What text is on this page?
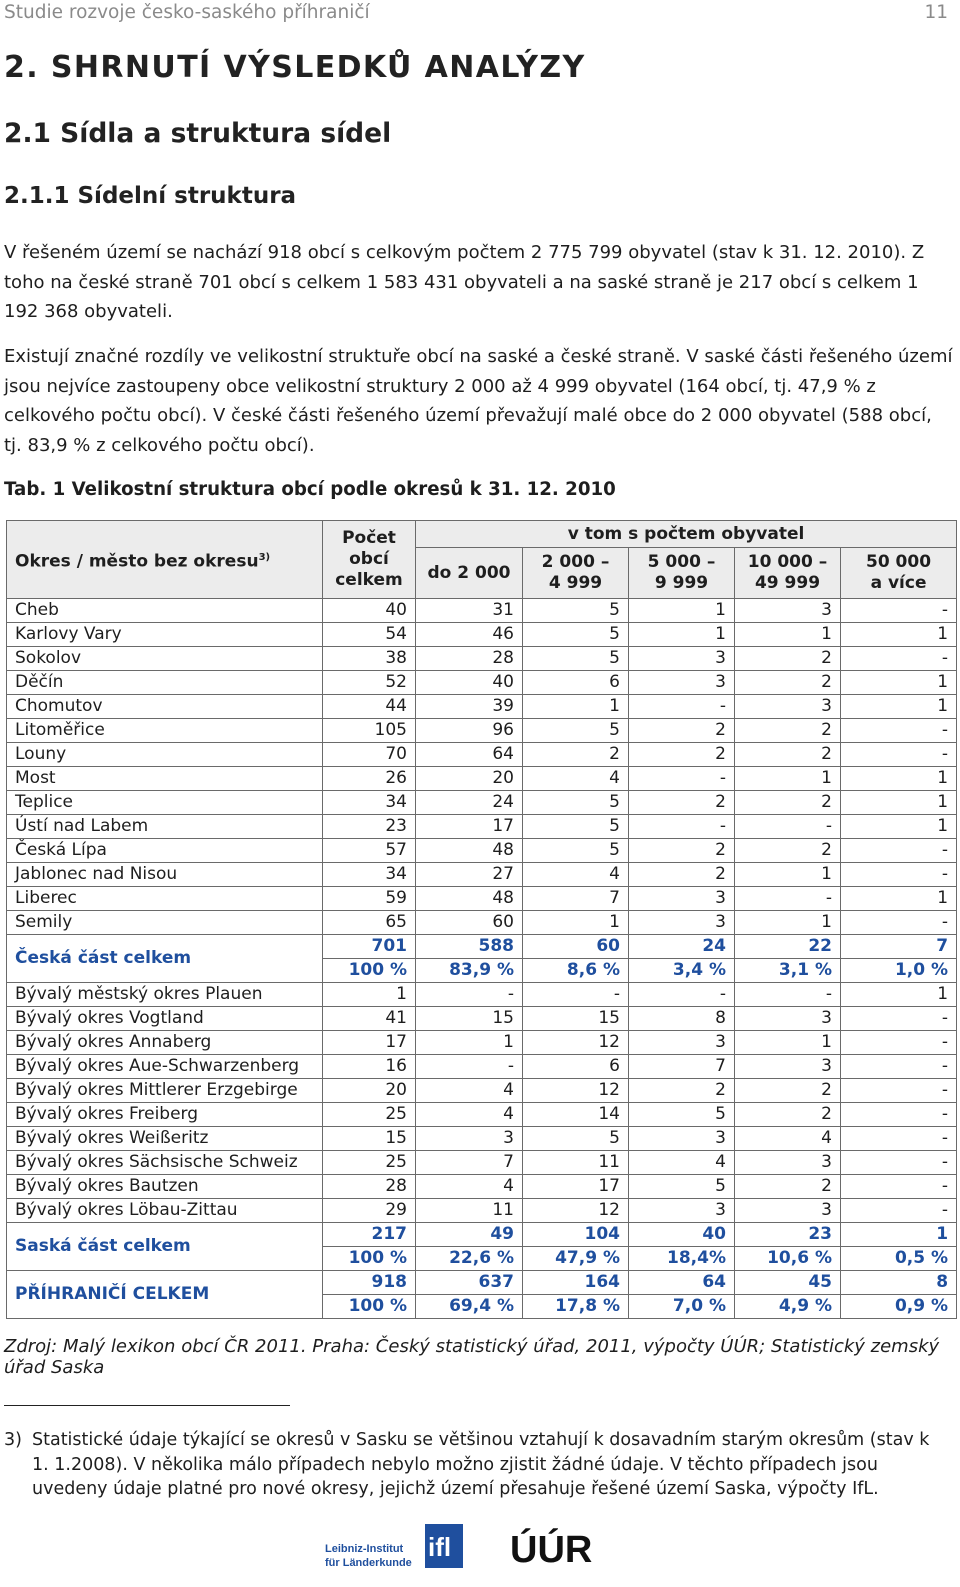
Studie rozvoje česko-saského příhraničí	11
2. SHRNUTÍ VÝSLEDKŮ ANALÝZY
2.1 Sídla a struktura sídel
2.1.1 Sídelní struktura

V řešeném území se nachází 918 obcí s celkovým počtem 2 775 799 obyvatel (stav k 31. 12. 2010). Z toho na české straně 701 obcí s celkem 1 583 431 obyvateli a na saské straně je 217 obcí s celkem 1 192 368 obyvateli.

Existují značné rozdíly ve velikostní struktuře obcí na saské a české straně. V saské části řešeného území jsou nejvíce zastoupeny obce velikostní struktury 2 000 až 4 999 obyvatel (164 obcí, tj. 47,9 % z celkového počtu obcí). V české části řešeného území převažují malé obce do 2 000 obyvatel (588 obcí, tj. 83,9 % z celkového počtu obcí).

Tab. 1 Velikostní struktura obcí podle okresů k 31. 12. 2010
Okres / město bez okresu$^{3)}$	Počet
obcí
celkem	v tom s počtem obyvatel				
		do 2 000	2 000 –
4 999	5 000 –
9 999	10 000 –
49 999	50 000
a více

Cheb	40	31	5	1	3	-
Karlovy Vary	54	46	5	1	1	1
Sokolov	38	28	5	3	2	-
Děčín	52	40	6	3	2	1
Chomutov	44	39	1	-	3	1
Litoměřice	105	96	5	2	2	-
Louny	70	64	2	2	2	-
Most	26	20	4	-	1	1
Teplice	34	24	5	2	2	1
Ústí nad Labem	23	17	5	-	-	1
Česká Lípa	57	48	5	2	2	-
Jablonec nad Nisou	34	27	4	2	1	-
Liberec	59	48	7	3	-	1
Semily	65	60	1	3	1	-
Česká část celkem	701	588	60	24	22	7
	100 %	83,9 %	8,6 %	3,4 %	3,1 %	1,0 %
Bývalý městský okres Plauen	1	-	-	-	-	1
Bývalý okres Vogtland	41	15	15	8	3	-
Bývalý okres Annaberg	17	1	12	3	1	-
Bývalý okres Aue-Schwarzenberg	16	-	6	7	3	-
Bývalý okres Mittlerer Erzgebirge	20	4	12	2	2	-
Bývalý okres Freiberg	25	4	14	5	2	-
Bývalý okres Weißeritz	15	3	5	3	4	-
Bývalý okres Sächsische Schweiz	25	7	11	4	3	-
Bývalý okres Bautzen	28	4	17	5	2	-
Bývalý okres Löbau-Zittau	29	11	12	3	3	-
Saská část celkem	217	49	104	40	23	1
	100 %	22,6 %	47,9 %	18,4%	10,6 %	0,5 %
PŘÍHRANIČÍ CELKEM	918	637	164	64	45	8
	100 %	69,4 %	17,8 %	7,0 %	4,9 %	0,9 %
Zdroj: Malý lexikon obcí ČR 2011. Praha: Český statistický úřad, 2011, výpočty ÚÚR; Statistický zemský úřad Saska
3) Statistické údaje týkající se okresů v Sasku se většinou vztahují k dosavadním starým okresům (stav k 1. 1.2008). V několika málo případech nebylo možno zjistit žádné údaje. V těchto případech jsou uvedeny údaje platné pro nové okresy, jejichž území přesahuje řešené území Saska, výpočty IfL.
Leibniz-Institut
für Länderkunde
ifl ÚÚR
